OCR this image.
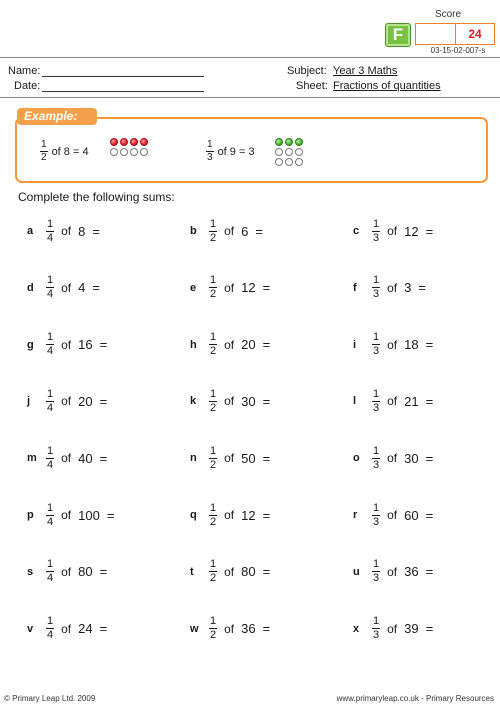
F
Score
24
03-15-02-007-s
Name:
Date:
Subject: Year 3 Maths
Sheet: Fractions of quantities
Example:
$\frac{1}{2}$ of 8 = 4	$\frac{1}{3}$ of 9 = 3
Complete the following sums:
a	$\frac{1}{4}$ of 8 =	b	$\frac{1}{2}$ of 6 =	c	$\frac{1}{3}$ of 12 =
d	$\frac{1}{4}$ of 4 =	e	$\frac{1}{2}$ of 12 =	f	$\frac{1}{3}$ of 3 =
g	$\frac{1}{4}$ of 16 =	h	$\frac{1}{2}$ of 20 =	i	$\frac{1}{3}$ of 18 =
j	$\frac{1}{4}$ of 20 =	k	$\frac{1}{2}$ of 30 =	l	$\frac{1}{3}$ of 21 =
m $\frac{1}{4}$ of 40 =	n	$\frac{1}{2}$ of 50 =	o	$\frac{1}{3}$ of 30 =
p	$\frac{1}{4}$ of 100 =	q	$\frac{1}{2}$ of 12 =	r	$\frac{1}{3}$ of 60 =
s	$\frac{1}{4}$ of 80 =	t	$\frac{1}{2}$ of 80 =	u	$\frac{1}{3}$ of 36 =
v	$\frac{1}{4}$ of 24 =	w $\frac{1}{2}$ of 36 =	x	$\frac{1}{3}$ of 39 =
© Primary Leap Ltd. 2009	www.primaryleap.co.uk - Primary Resources
